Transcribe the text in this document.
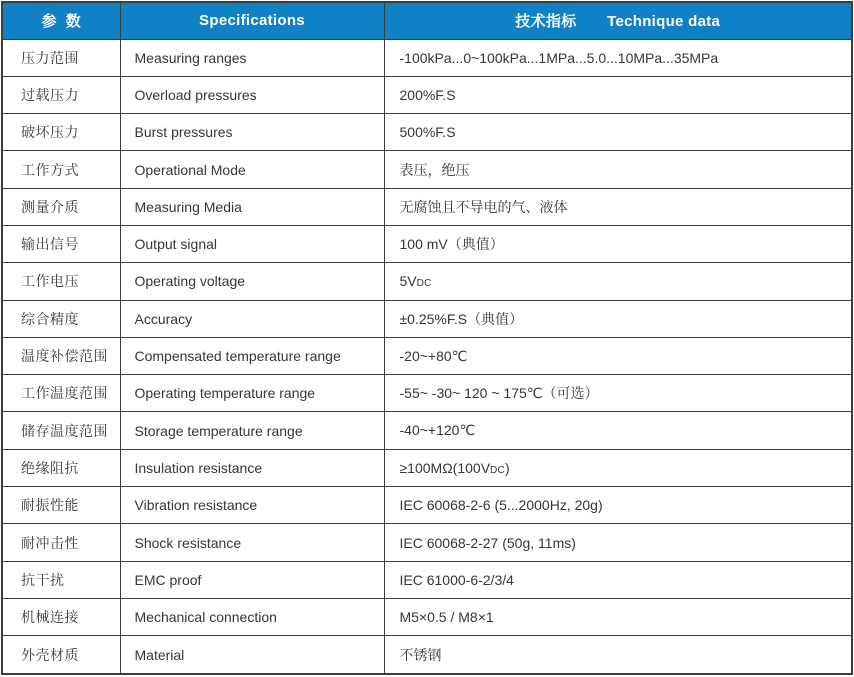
参  数	Specifications	技术指标　　Technique data
压力范围	Measuring ranges	-100kPa...0~100kPa...1MPa...5.0...10MPa...35MPa
过载压力	Overload pressures	200%F.S
破坏压力	Burst pressures	500%F.S
工作方式	Operational Mode	表压，绝压
测量介质	Measuring Media	无腐蚀且不导电的气、液体
输出信号	Output signal	100 mV（典值）
工作电压	Operating voltage	5VDC
综合精度	Accuracy	±0.25%F.S（典值）
温度补偿范围	Compensated temperature range	-20~+80℃
工作温度范围	Operating temperature range	-55~ -30~ 120 ~ 175℃（可选）
储存温度范围	Storage temperature range	-40~+120℃
绝缘阻抗	Insulation resistance	≥100MΩ(100VDC)
耐振性能	Vibration resistance	IEC 60068-2-6 (5...2000Hz, 20g)
耐冲击性	Shock resistance	IEC 60068-2-27 (50g, 11ms)
抗干扰	EMC proof	IEC 61000-6-2/3/4
机械连接	Mechanical connection	M5×0.5 / M8×1
外壳材质	Material	不锈钢
